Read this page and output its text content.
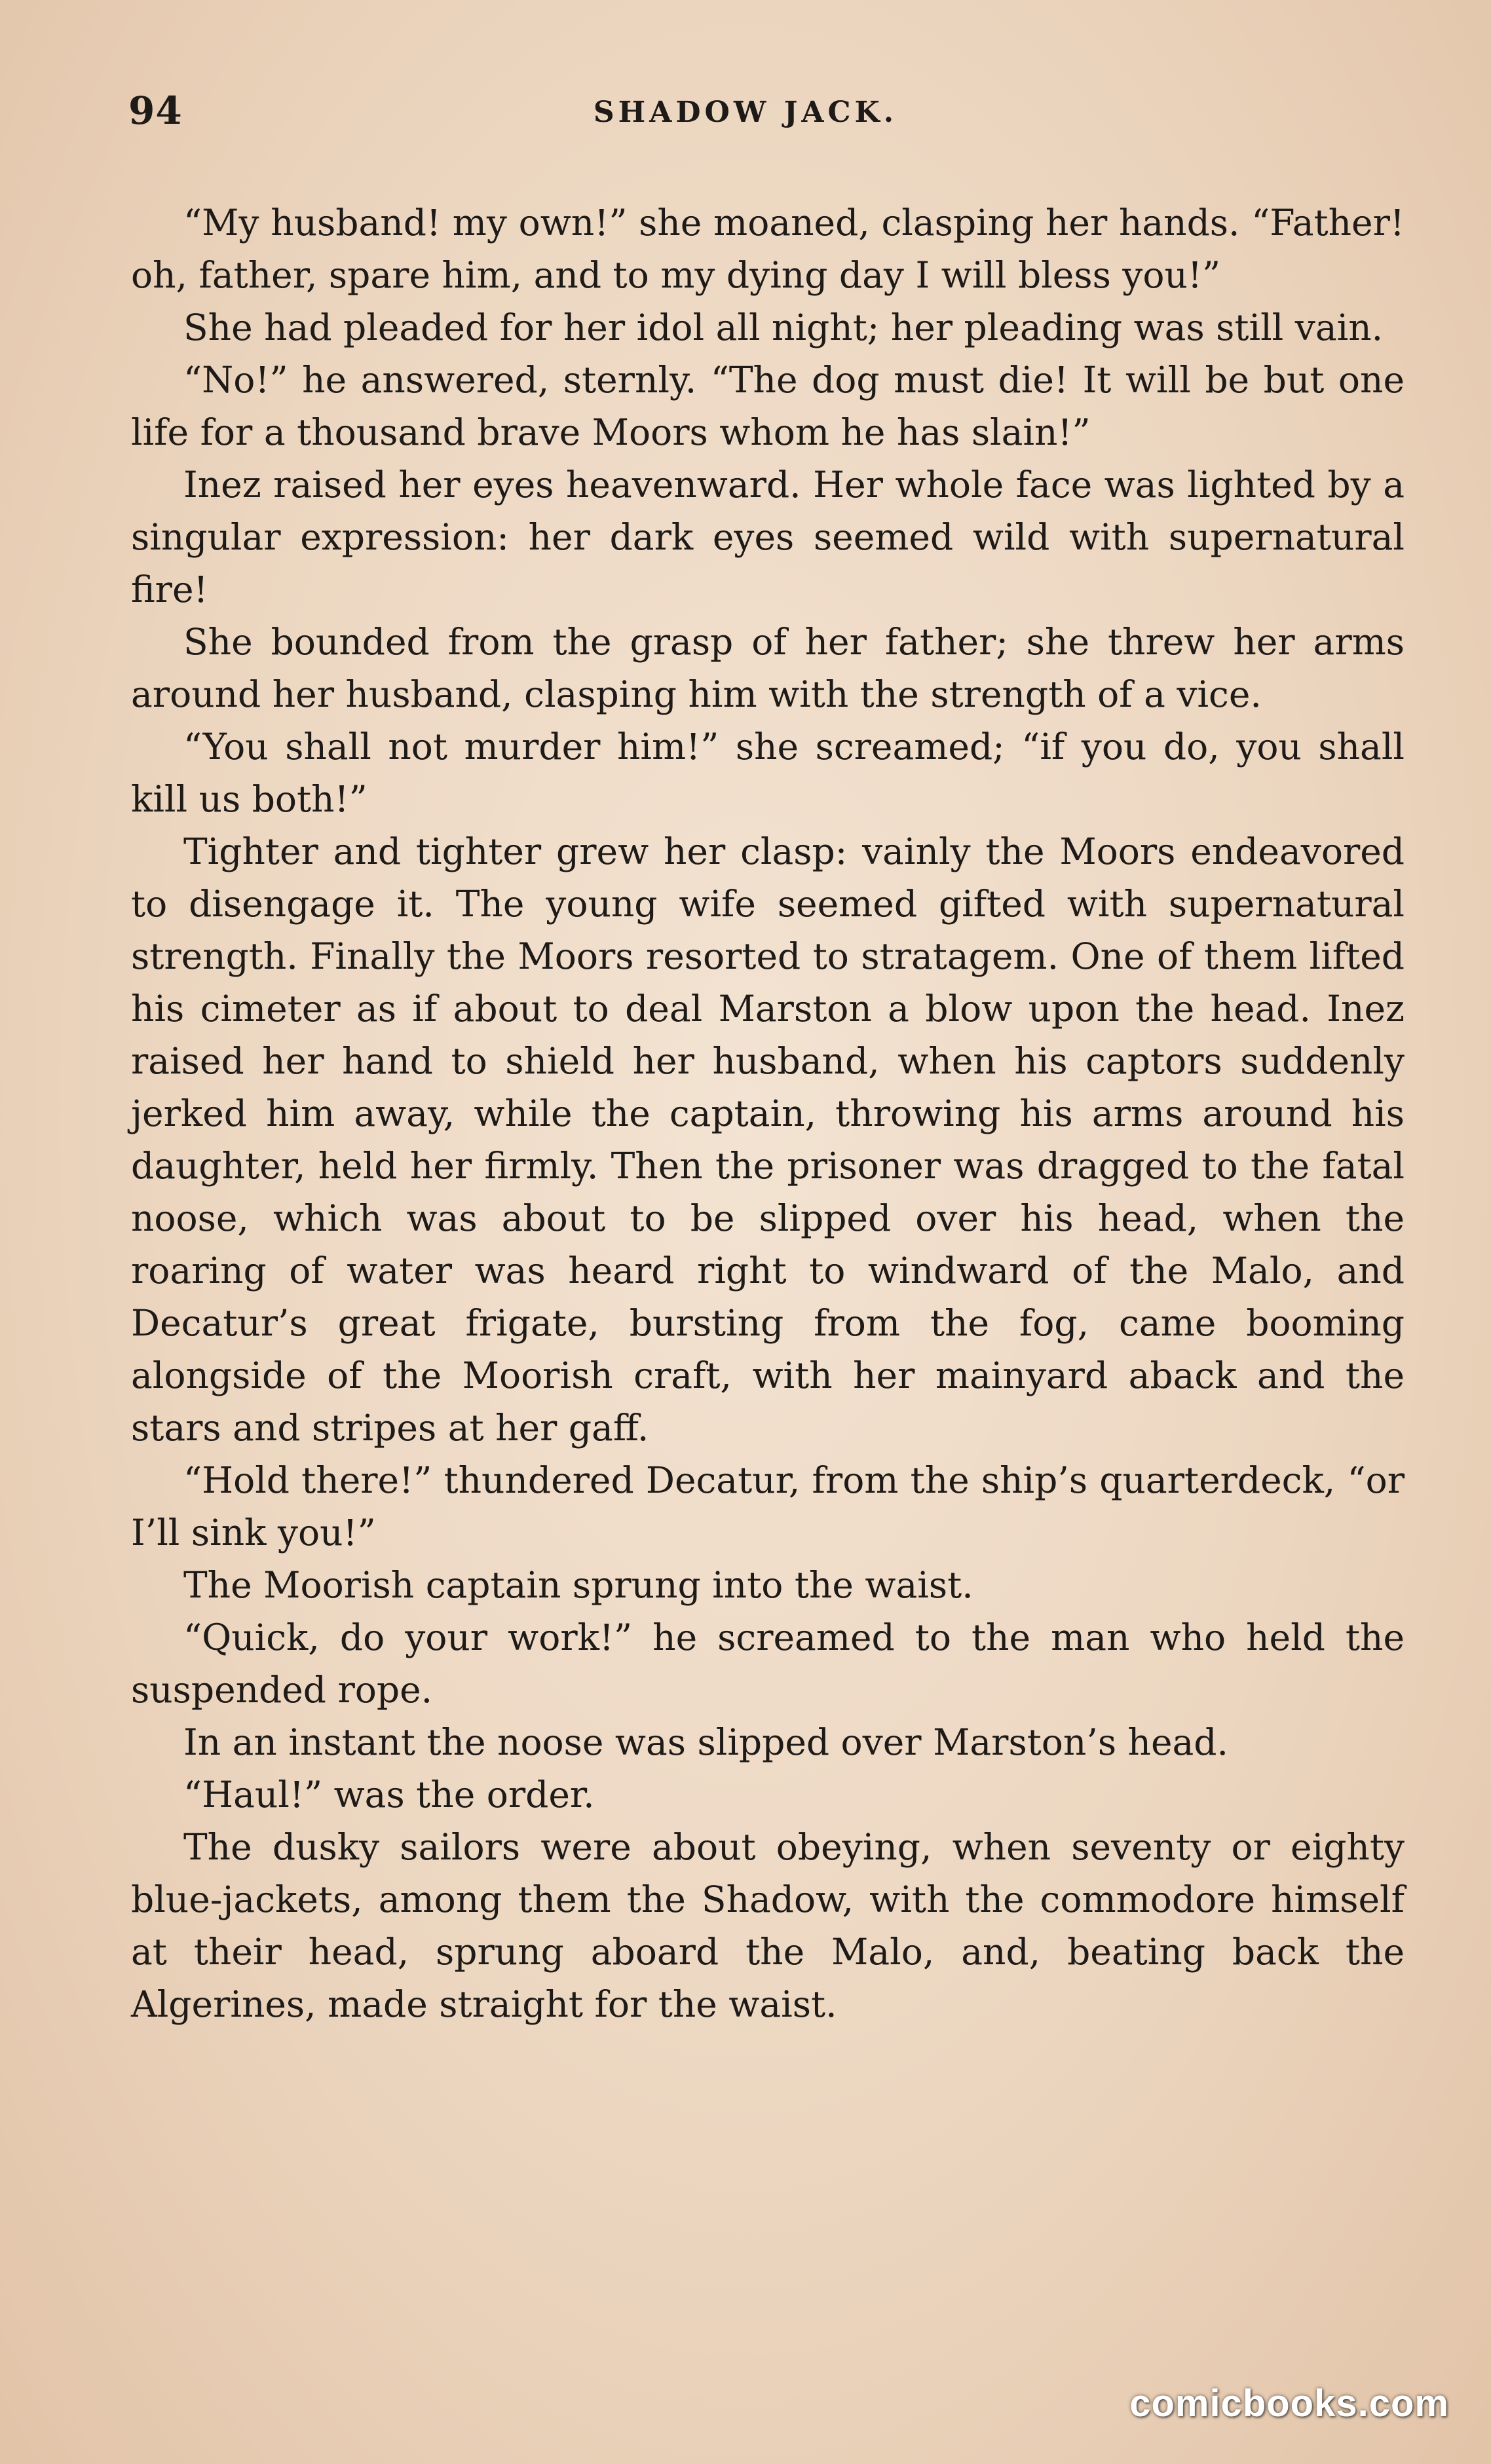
94	SHADOW JACK.

“My husband! my own!” she moaned, clasping her hands. “Father! oh, father, spare him, and to my dying day I will bless you!”

She had pleaded for her idol all night; her pleading was still vain.

“No!” he answered, sternly. “The dog must die! It will be but one life for a thousand brave Moors whom he has slain!”

Inez raised her eyes heavenward. Her whole face was lighted by a singular expression: her dark eyes seemed wild with supernatural fire!

She bounded from the grasp of her father; she threw her arms around her husband, clasping him with the strength of a vice.

“You shall not murder him!” she screamed; “if you do, you shall kill us both!”

Tighter and tighter grew her clasp: vainly the Moors endeavored to disengage it. The young wife seemed gifted with supernatural strength. Finally the Moors resorted to stratagem. One of them lifted his cimeter as if about to deal Marston a blow upon the head. Inez raised her hand to shield her husband, when his captors suddenly jerked him away, while the captain, throwing his arms around his daughter, held her firmly. Then the prisoner was dragged to the fatal noose, which was about to be slipped over his head, when the roaring of water was heard right to windward of the Malo, and Decatur’s great frigate, bursting from the fog, came booming alongside of the Moorish craft, with her mainyard aback and the stars and stripes at her gaff.

“Hold there!” thundered Decatur, from the ship’s quarterdeck, “or I’ll sink you!”

The Moorish captain sprung into the waist.

“Quick, do your work!” he screamed to the man who held the suspended rope.

In an instant the noose was slipped over Marston’s head.

“Haul!” was the order.

The dusky sailors were about obeying, when seventy or eighty blue-jackets, among them the Shadow, with the commodore himself at their head, sprung aboard the Malo, and, beating back the Algerines, made straight for the waist.

comicbooks.com
